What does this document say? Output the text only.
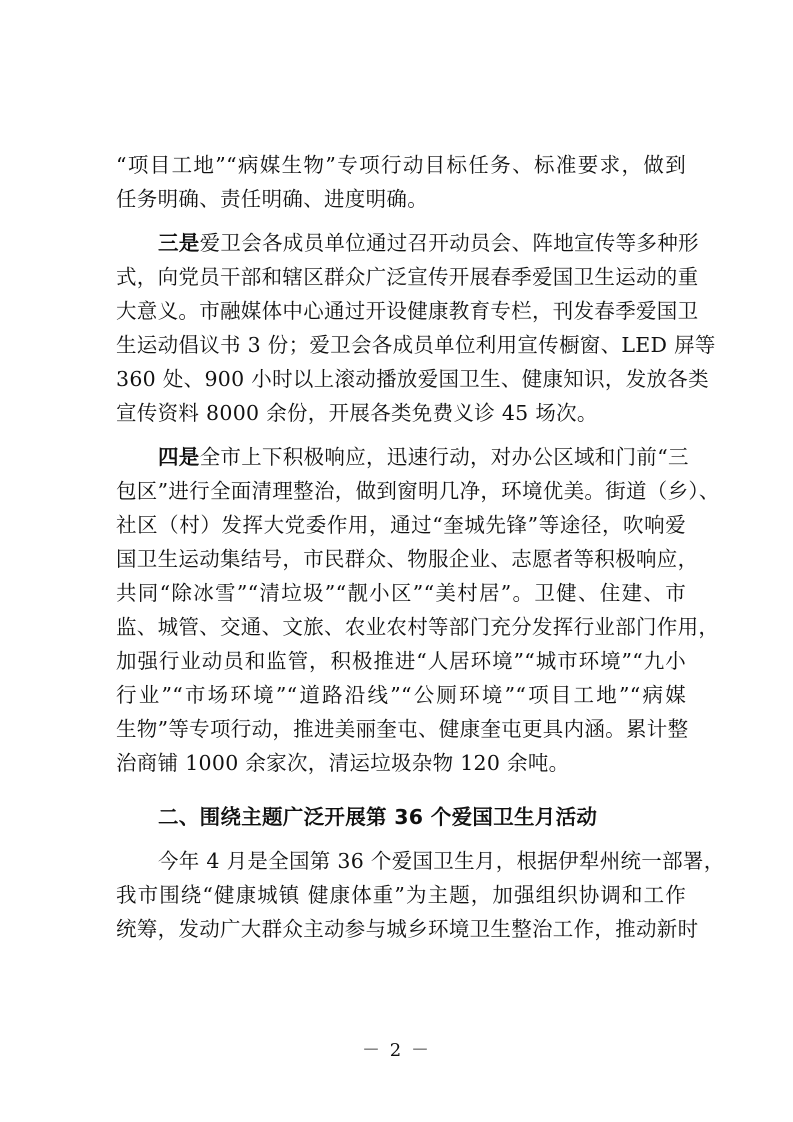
“项目工地”“病媒生物”专项行动目标任务、标准要求，做到
任务明确、责任明确、进度明确。
三是爱卫会各成员单位通过召开动员会、阵地宣传等多种形
式，向党员干部和辖区群众广泛宣传开展春季爱国卫生运动的重
大意义。市融媒体中心通过开设健康教育专栏，刊发春季爱国卫
生运动倡议书 3 份；爱卫会各成员单位利用宣传橱窗、LED 屏等
360 处、900 小时以上滚动播放爱国卫生、健康知识，发放各类
宣传资料 8000 余份，开展各类免费义诊 45 场次。
四是全市上下积极响应，迅速行动，对办公区域和门前“三
包区”进行全面清理整治，做到窗明几净，环境优美。街道（乡）、
社区（村）发挥大党委作用，通过“奎城先锋”等途径，吹响爱
国卫生运动集结号，市民群众、物服企业、志愿者等积极响应，
共同“除冰雪”“清垃圾”“靓小区”“美村居”。卫健、住建、市
监、城管、交通、文旅、农业农村等部门充分发挥行业部门作用，
加强行业动员和监管，积极推进“人居环境”“城市环境”“九小
行业”“市场环境”“道路沿线”“公厕环境”“项目工地”“病媒
生物”等专项行动，推进美丽奎屯、健康奎屯更具内涵。累计整
治商铺 1000 余家次，清运垃圾杂物 120 余吨。
二、围绕主题广泛开展第 36 个爱国卫生月活动
今年 4 月是全国第 36 个爱国卫生月，根据伊犁州统一部署，
我市围绕“健康城镇 健康体重”为主题，加强组织协调和工作
统筹，发动广大群众主动参与城乡环境卫生整治工作，推动新时
－ 2 －
